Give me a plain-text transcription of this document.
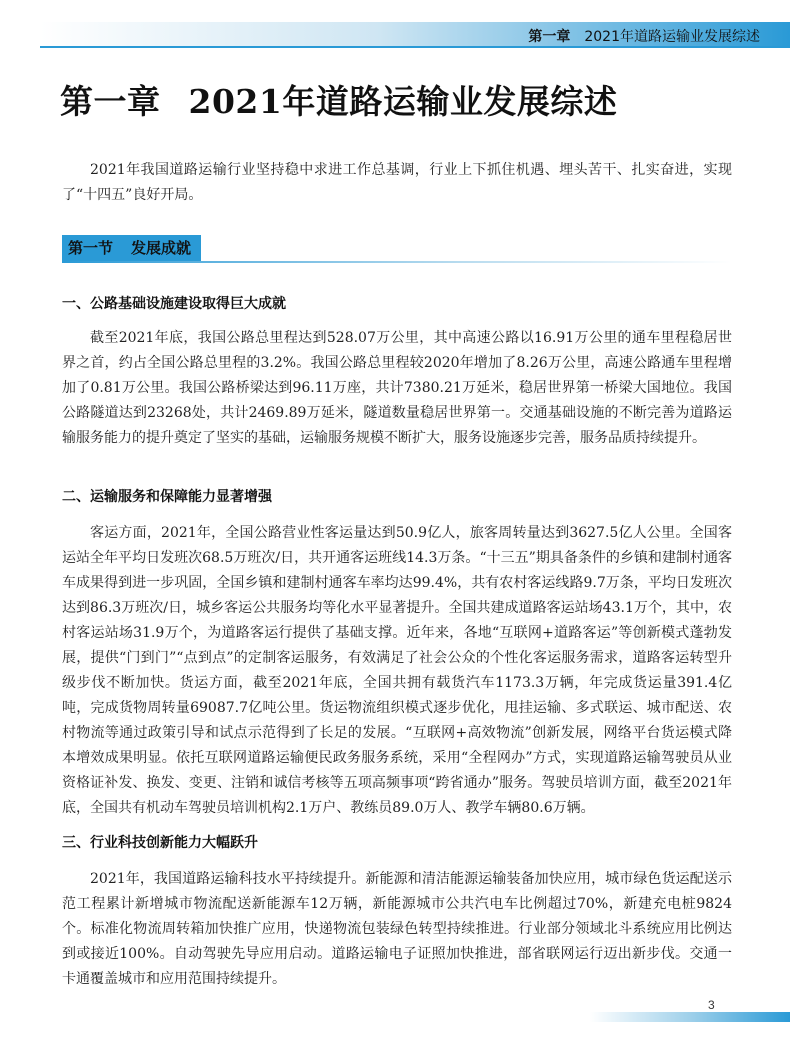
第一章 2021年道路运输业发展综述
第一章 2021年道路运输业发展综述
2021年我国道路运输行业坚持稳中求进工作总基调，行业上下抓住机遇、埋头苦干、扎实奋进，实现了“十四五”良好开局。
第一节 发展成就
一、公路基础设施建设取得巨大成就
截至2021年底，我国公路总里程达到528.07万公里，其中高速公路以16.91万公里的通车里程稳居世界之首，约占全国公路总里程的3.2%。我国公路总里程较2020年增加了8.26万公里，高速公路通车里程增加了0.81万公里。我国公路桥梁达到96.11万座，共计7380.21万延米，稳居世界第一桥梁大国地位。我国公路隧道达到23268处，共计2469.89万延米，隧道数量稳居世界第一。交通基础设施的不断完善为道路运输服务能力的提升奠定了坚实的基础，运输服务规模不断扩大，服务设施逐步完善，服务品质持续提升。
二、运输服务和保障能力显著增强
客运方面，2021年，全国公路营业性客运量达到50.9亿人，旅客周转量达到3627.5亿人公里。全国客运站全年平均日发班次68.5万班次/日，共开通客运班线14.3万条。“十三五”期具备条件的乡镇和建制村通客车成果得到进一步巩固，全国乡镇和建制村通客车率均达99.4%，共有农村客运线路9.7万条，平均日发班次达到86.3万班次/日，城乡客运公共服务均等化水平显著提升。全国共建成道路客运站场43.1万个，其中，农村客运站场31.9万个，为道路客运行提供了基础支撑。近年来，各地“互联网+道路客运”等创新模式蓬勃发展，提供“门到门”“点到点”的定制客运服务，有效满足了社会公众的个性化客运服务需求，道路客运转型升级步伐不断加快。货运方面，截至2021年底，全国共拥有载货汽车1173.3万辆，年完成货运量391.4亿吨，完成货物周转量69087.7亿吨公里。货运物流组织模式逐步优化，甩挂运输、多式联运、城市配送、农村物流等通过政策引导和试点示范得到了长足的发展。“互联网+高效物流”创新发展，网络平台货运模式降本增效成果明显。依托互联网道路运输便民政务服务系统，采用“全程网办”方式，实现道路运输驾驶员从业资格证补发、换发、变更、注销和诚信考核等五项高频事项“跨省通办”服务。驾驶员培训方面，截至2021年底，全国共有机动车驾驶员培训机构2.1万户、教练员89.0万人、教学车辆80.6万辆。
三、行业科技创新能力大幅跃升
2021年，我国道路运输科技水平持续提升。新能源和清洁能源运输装备加快应用，城市绿色货运配送示范工程累计新增城市物流配送新能源车12万辆，新能源城市公共汽电车比例超过70%，新建充电桩9824个。标准化物流周转箱加快推广应用，快递物流包装绿色转型持续推进。行业部分领域北斗系统应用比例达到或接近100%。自动驾驶先导应用启动。道路运输电子证照加快推进，部省联网运行迈出新步伐。交通一卡通覆盖城市和应用范围持续提升。
3
